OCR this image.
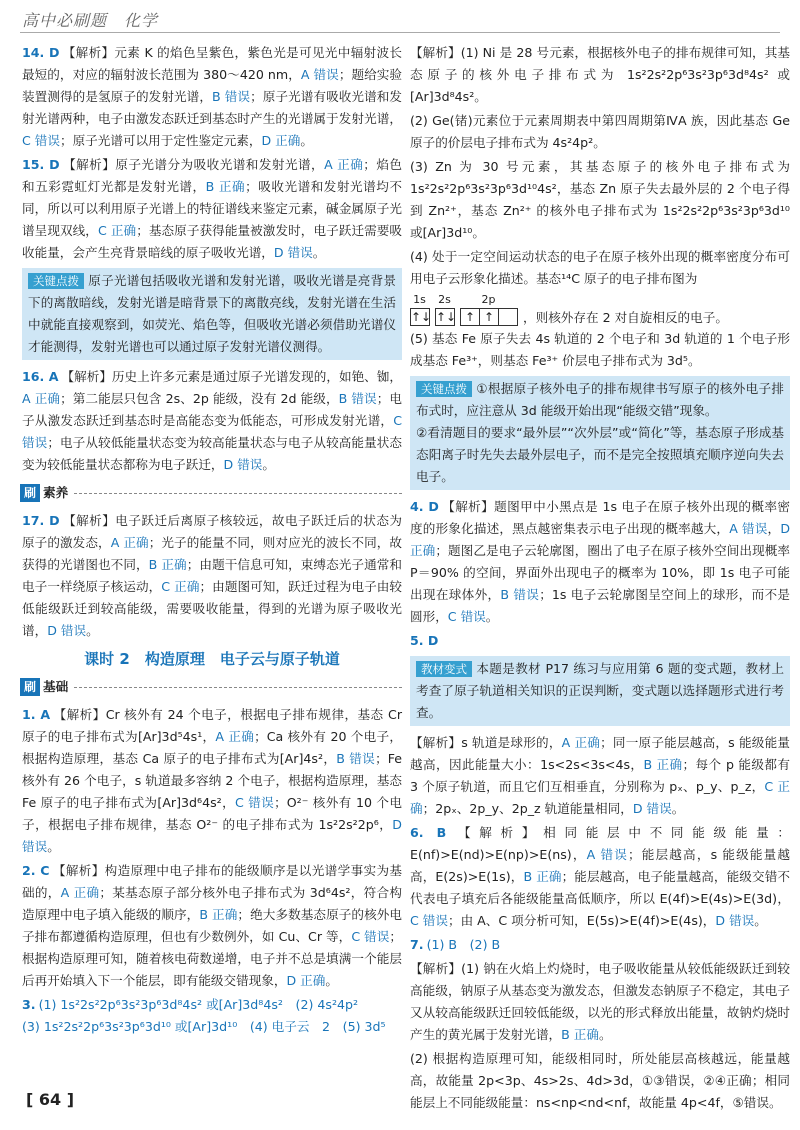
高中必刷题　化学

14. D 【解析】元素 K 的焰色呈紫色，紫色光是可见光中辐射波长最短的，对应的辐射波长范围为 380～420 nm，A 错误；题给实验装置测得的是氢原子的发射光谱，B 错误；原子光谱有吸收光谱和发射光谱两种，电子由激发态跃迁到基态时产生的光谱属于发射光谱，C 错误；原子光谱可以用于定性鉴定元素，D 正确。

15. D 【解析】原子光谱分为吸收光谱和发射光谱，A 正确；焰色和五彩霓虹灯光都是发射光谱，B 正确；吸收光谱和发射光谱均不同，所以可以利用原子光谱上的特征谱线来鉴定元素，碱金属原子光谱呈现双线，C 正确；基态原子获得能量被激发时，电子跃迁需要吸收能量，会产生亮背景暗线的原子吸收光谱，D 错误。

关键点拨 原子光谱包括吸收光谱和发射光谱，吸收光谱是亮背景下的离散暗线，发射光谱是暗背景下的离散亮线，发射光谱在生活中就能直接观察到，如荧光、焰色等，但吸收光谱必须借助光谱仪才能测得，发射光谱也可以通过原子发射光谱仪测得。

16. A 【解析】历史上许多元素是通过原子光谱发现的，如铯、铷，A 正确；第二能层只包含 2s、2p 能级，没有 2d 能级，B 错误；电子从激发态跃迁到基态时是高能态变为低能态，可形成发射光谱，C 错误；电子从较低能量状态变为较高能量状态与电子从较高能量状态变为较低能量状态都称为电子跃迁，D 错误。

刷 素养

17. D 【解析】电子跃迁后离原子核较远，故电子跃迁后的状态为原子的激发态，A 正确；光子的能量不同，则对应光的波长不同，故获得的光谱图也不同，B 正确；由题干信息可知，束缚态光子通常和电子一样绕原子核运动，C 正确；由题图可知，跃迁过程为电子由较低能级跃迁到较高能级，需要吸收能量，得到的光谱为原子吸收光谱，D 错误。

课时 2　构造原理　电子云与原子轨道
刷 基础

1. A 【解析】Cr 核外有 24 个电子，根据电子排布规律，基态 Cr 原子的电子排布式为[Ar]3d⁵4s¹，A 正确；Ca 核外有 20 个电子，根据构造原理，基态 Ca 原子的电子排布式为[Ar]4s²，B 错误；Fe 核外有 26 个电子，s 轨道最多容纳 2 个电子，根据构造原理，基态 Fe 原子的电子排布式为[Ar]3d⁶4s²，C 错误；O²⁻ 核外有 10 个电子，根据电子排布规律，基态 O²⁻ 的电子排布式为 1s²2s²2p⁶，D 错误。

2. C 【解析】构造原理中电子排布的能级顺序是以光谱学事实为基础的，A 正确；某基态原子部分核外电子排布式为 3d⁶4s²，符合构造原理中电子填入能级的顺序，B 正确；绝大多数基态原子的核外电子排布都遵循构造原理，但也有少数例外，如 Cu、Cr 等，C 错误；根据构造原理可知，随着核电荷数递增，电子并不总是填满一个能层后再开始填入下一个能层，即有能级交错现象，D 正确。

3. (1) 1s²2s²2p⁶3s²3p⁶3d⁸4s² 或[Ar]3d⁸4s²　(2) 4s²4p²
(3) 1s²2s²2p⁶3s²3p⁶3d¹⁰ 或[Ar]3d¹⁰　(4) 电子云　2　(5) 3d⁵

【解析】(1) Ni 是 28 号元素，根据核外电子的排布规律可知，其基态原子的核外电子排布式为 1s²2s²2p⁶3s²3p⁶3d⁸4s² 或[Ar]3d⁸4s²。

(2) Ge(锗)元素位于元素周期表中第四周期第ⅣA 族，因此基态 Ge 原子的价层电子排布式为 4s²4p²。

(3) Zn 为 30 号元素，其基态原子的核外电子排布式为 1s²2s²2p⁶3s²3p⁶3d¹⁰4s²，基态 Zn 原子失去最外层的 2 个电子得到 Zn²⁺，基态 Zn²⁺ 的核外电子排布式为 1s²2s²2p⁶3s²3p⁶3d¹⁰ 或[Ar]3d¹⁰。

(4) 处于一定空间运动状态的电子在原子核外出现的概率密度分布可用电子云形象化描述。基态¹⁴C 原子的电子排布图为

1s
↑↓
2s
↑↓
2p
↑ ↑	，则核外存在 2 对自旋相反的电子。

(5) 基态 Fe 原子失去 4s 轨道的 2 个电子和 3d 轨道的 1 个电子形成基态 Fe³⁺，则基态 Fe³⁺ 价层电子排布式为 3d⁵。

关键点拨 ①根据原子核外电子的排布规律书写原子的核外电子排布式时，应注意从 3d 能级开始出现“能级交错”现象。
②看清题目的要求“最外层”“次外层”或“简化”等，基态原子形成基态阳离子时先失去最外层电子，而不是完全按照填充顺序逆向失去电子。

4. D 【解析】题图甲中小黑点是 1s 电子在原子核外出现的概率密度的形象化描述，黑点越密集表示电子出现的概率越大，A 错误，D 正确；题图乙是电子云轮廓图，圈出了电子在原子核外空间出现概率 P＝90% 的空间，界面外出现电子的概率为 10%，即 1s 电子可能出现在球体外，B 错误；1s 电子云轮廓图呈空间上的球形，而不是圆形，C 错误。

5. D

教材变式 本题是教材 P17 练习与应用第 6 题的变式题，教材上考查了原子轨道相关知识的正误判断，变式题以选择题形式进行考查。

【解析】s 轨道是球形的，A 正确；同一原子能层越高，s 能级能量越高，因此能量大小：1s<2s<3s<4s，B 正确；每个 p 能级都有 3 个原子轨道，而且它们互相垂直，分别称为 pₓ、p_y、p_z，C 正确；2pₓ、2p_y、2p_z 轨道能量相同，D 错误。

6. B 【解析】相同能层中不同能级能量：E(nf)>E(nd)>E(np)>E(ns)，A 错误；能层越高，s 能级能量越高，E(2s)>E(1s)，B 正确；能层越高，电子能量越高，能级交错不代表电子填充后各能级能量高低顺序，所以 E(4f)>E(4s)>E(3d)，C 错误；由 A、C 项分析可知，E(5s)>E(4f)>E(4s)，D 错误。

7. (1) B　(2) B

【解析】(1) 钠在火焰上灼烧时，电子吸收能量从较低能级跃迁到较高能级，钠原子从基态变为激发态，但激发态钠原子不稳定，其电子又从较高能级跃迁回较低能级，以光的形式释放出能量，故钠灼烧时产生的黄光属于发射光谱，B 正确。

(2) 根据构造原理可知，能级相同时，所处能层高核越远，能量越高，故能量 2p<3p、4s>2s、4d>3d，①③错误，②④正确；相同能层上不同能级能量：ns<np<nd<nf，故能量 4p<4f，⑤错误。

[ 64 ]
